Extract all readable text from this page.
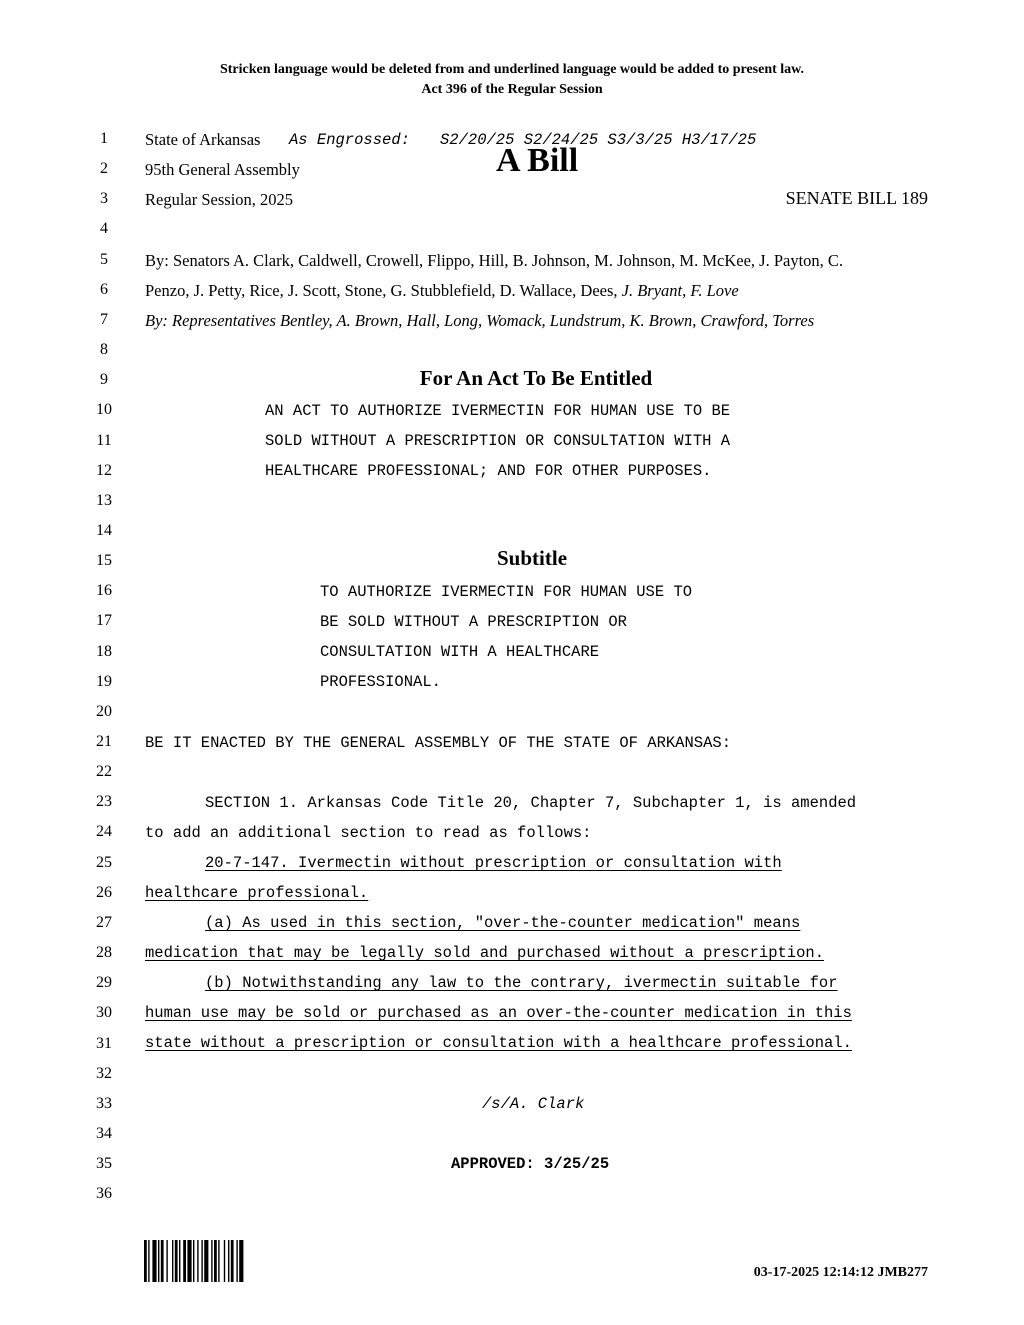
Stricken language would be deleted from and underlined language would be added to present law.
Act 396 of the Regular Session
1
2
3
4
5
6
7
8
9
10
11
12
13
14
15
16
17
18
19
20
21
22
23
24
25
26
27
28
29
30
31
32
33
34
35
36
State of Arkansas As Engrossed: S2/20/25 S2/24/25 S3/3/25 H3/17/25
95th General Assembly	A Bill
Regular Session, 2025	SENATE BILL 189
By: Senators A. Clark, Caldwell, Crowell, Flippo, Hill, B. Johnson, M. Johnson, M. McKee, J. Payton, C.
Penzo, J. Petty, Rice, J. Scott, Stone, G. Stubblefield, D. Wallace, Dees, J. Bryant, F. Love
By: Representatives Bentley, A. Brown, Hall, Long, Womack, Lundstrum, K. Brown, Crawford, Torres
For An Act To Be Entitled
AN ACT TO AUTHORIZE IVERMECTIN FOR HUMAN USE TO BE
SOLD WITHOUT A PRESCRIPTION OR CONSULTATION WITH A
HEALTHCARE PROFESSIONAL; AND FOR OTHER PURPOSES.
Subtitle
TO AUTHORIZE IVERMECTIN FOR HUMAN USE TO
BE SOLD WITHOUT A PRESCRIPTION OR
CONSULTATION WITH A HEALTHCARE
PROFESSIONAL.
BE IT ENACTED BY THE GENERAL ASSEMBLY OF THE STATE OF ARKANSAS:
SECTION 1. Arkansas Code Title 20, Chapter 7, Subchapter 1, is amended
to add an additional section to read as follows:
20-7-147. Ivermectin without prescription or consultation with
healthcare professional.
(a) As used in this section, "over-the-counter medication" means
medication that may be legally sold and purchased without a prescription.
(b) Notwithstanding any law to the contrary, ivermectin suitable for
human use may be sold or purchased as an over-the-counter medication in this
state without a prescription or consultation with a healthcare professional.
/s/A. Clark
APPROVED: 3/25/25
03-17-2025 12:14:12 JMB277
